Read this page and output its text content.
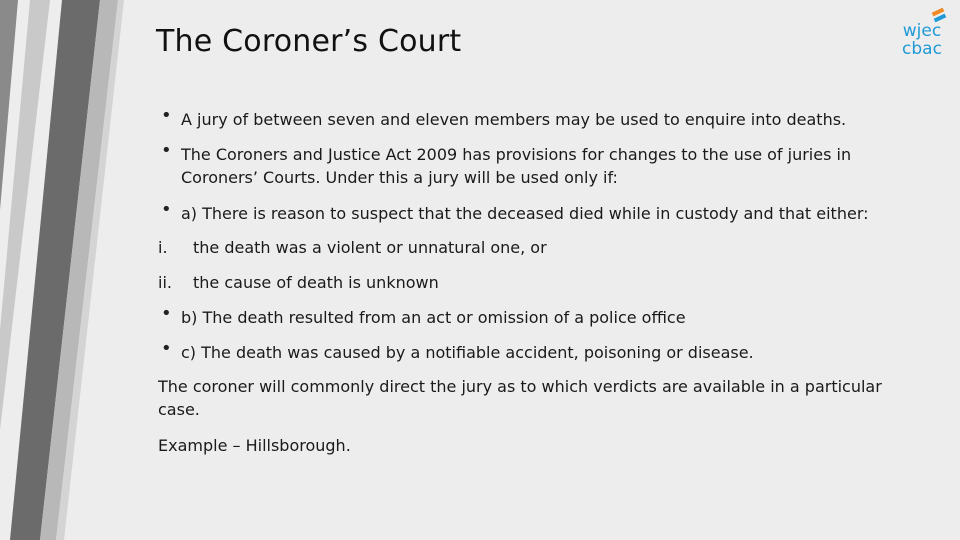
The Coroner’s Court	wjec
cbac
• A jury of between seven and eleven members may be used to enquire into deaths.
• The Coroners and Justice Act 2009 has provisions for changes to the use of juries in Coroners’ Courts. Under this a jury will be used only if:
• a) There is reason to suspect that the deceased died while in custody and that either:
i. the death was a violent or unnatural one, or
ii. the cause of death is unknown
• b) The death resulted from an act or omission of a police office
• c) The death was caused by a notifiable accident, poisoning or disease.
The coroner will commonly direct the jury as to which verdicts are available in a particular case.
Example – Hillsborough.
